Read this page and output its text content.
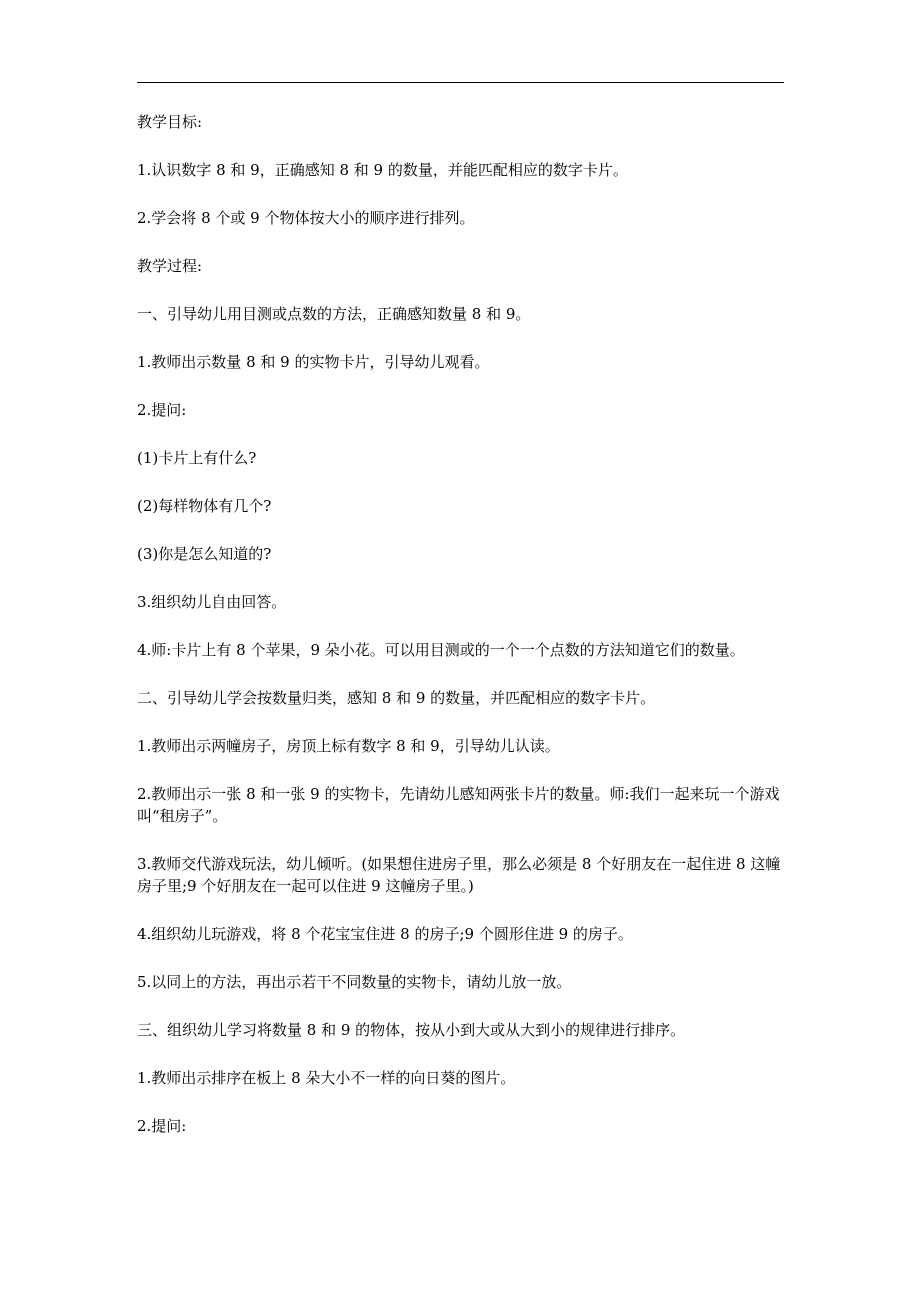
教学目标:

1.认识数字 8 和 9，正确感知 8 和 9 的数量，并能匹配相应的数字卡片。

2.学会将 8 个或 9 个物体按大小的顺序进行排列。

教学过程:

一、引导幼儿用目测或点数的方法，正确感知数量 8 和 9。

1.教师出示数量 8 和 9 的实物卡片，引导幼儿观看。

2.提问:

(1)卡片上有什么?

(2)每样物体有几个?

(3)你是怎么知道的?

3.组织幼儿自由回答。

4.师:卡片上有 8 个苹果，9 朵小花。可以用目测或的一个一个点数的方法知道它们的数量。

二、引导幼儿学会按数量归类，感知 8 和 9 的数量，并匹配相应的数字卡片。

1.教师出示两幢房子，房顶上标有数字 8 和 9，引导幼儿认读。

2.教师出示一张 8 和一张 9 的实物卡，先请幼儿感知两张卡片的数量。师:我们一起来玩一个游戏叫“租房子”。

3.教师交代游戏玩法，幼儿倾听。(如果想住进房子里，那么必须是 8 个好朋友在一起住进 8 这幢房子里;9 个好朋友在一起可以住进 9 这幢房子里。)

4.组织幼儿玩游戏，将 8 个花宝宝住进 8 的房子;9 个圆形住进 9 的房子。

5.以同上的方法，再出示若干不同数量的实物卡，请幼儿放一放。

三、组织幼儿学习将数量 8 和 9 的物体，按从小到大或从大到小的规律进行排序。

1.教师出示排序在板上 8 朵大小不一样的向日葵的图片。

2.提问:
